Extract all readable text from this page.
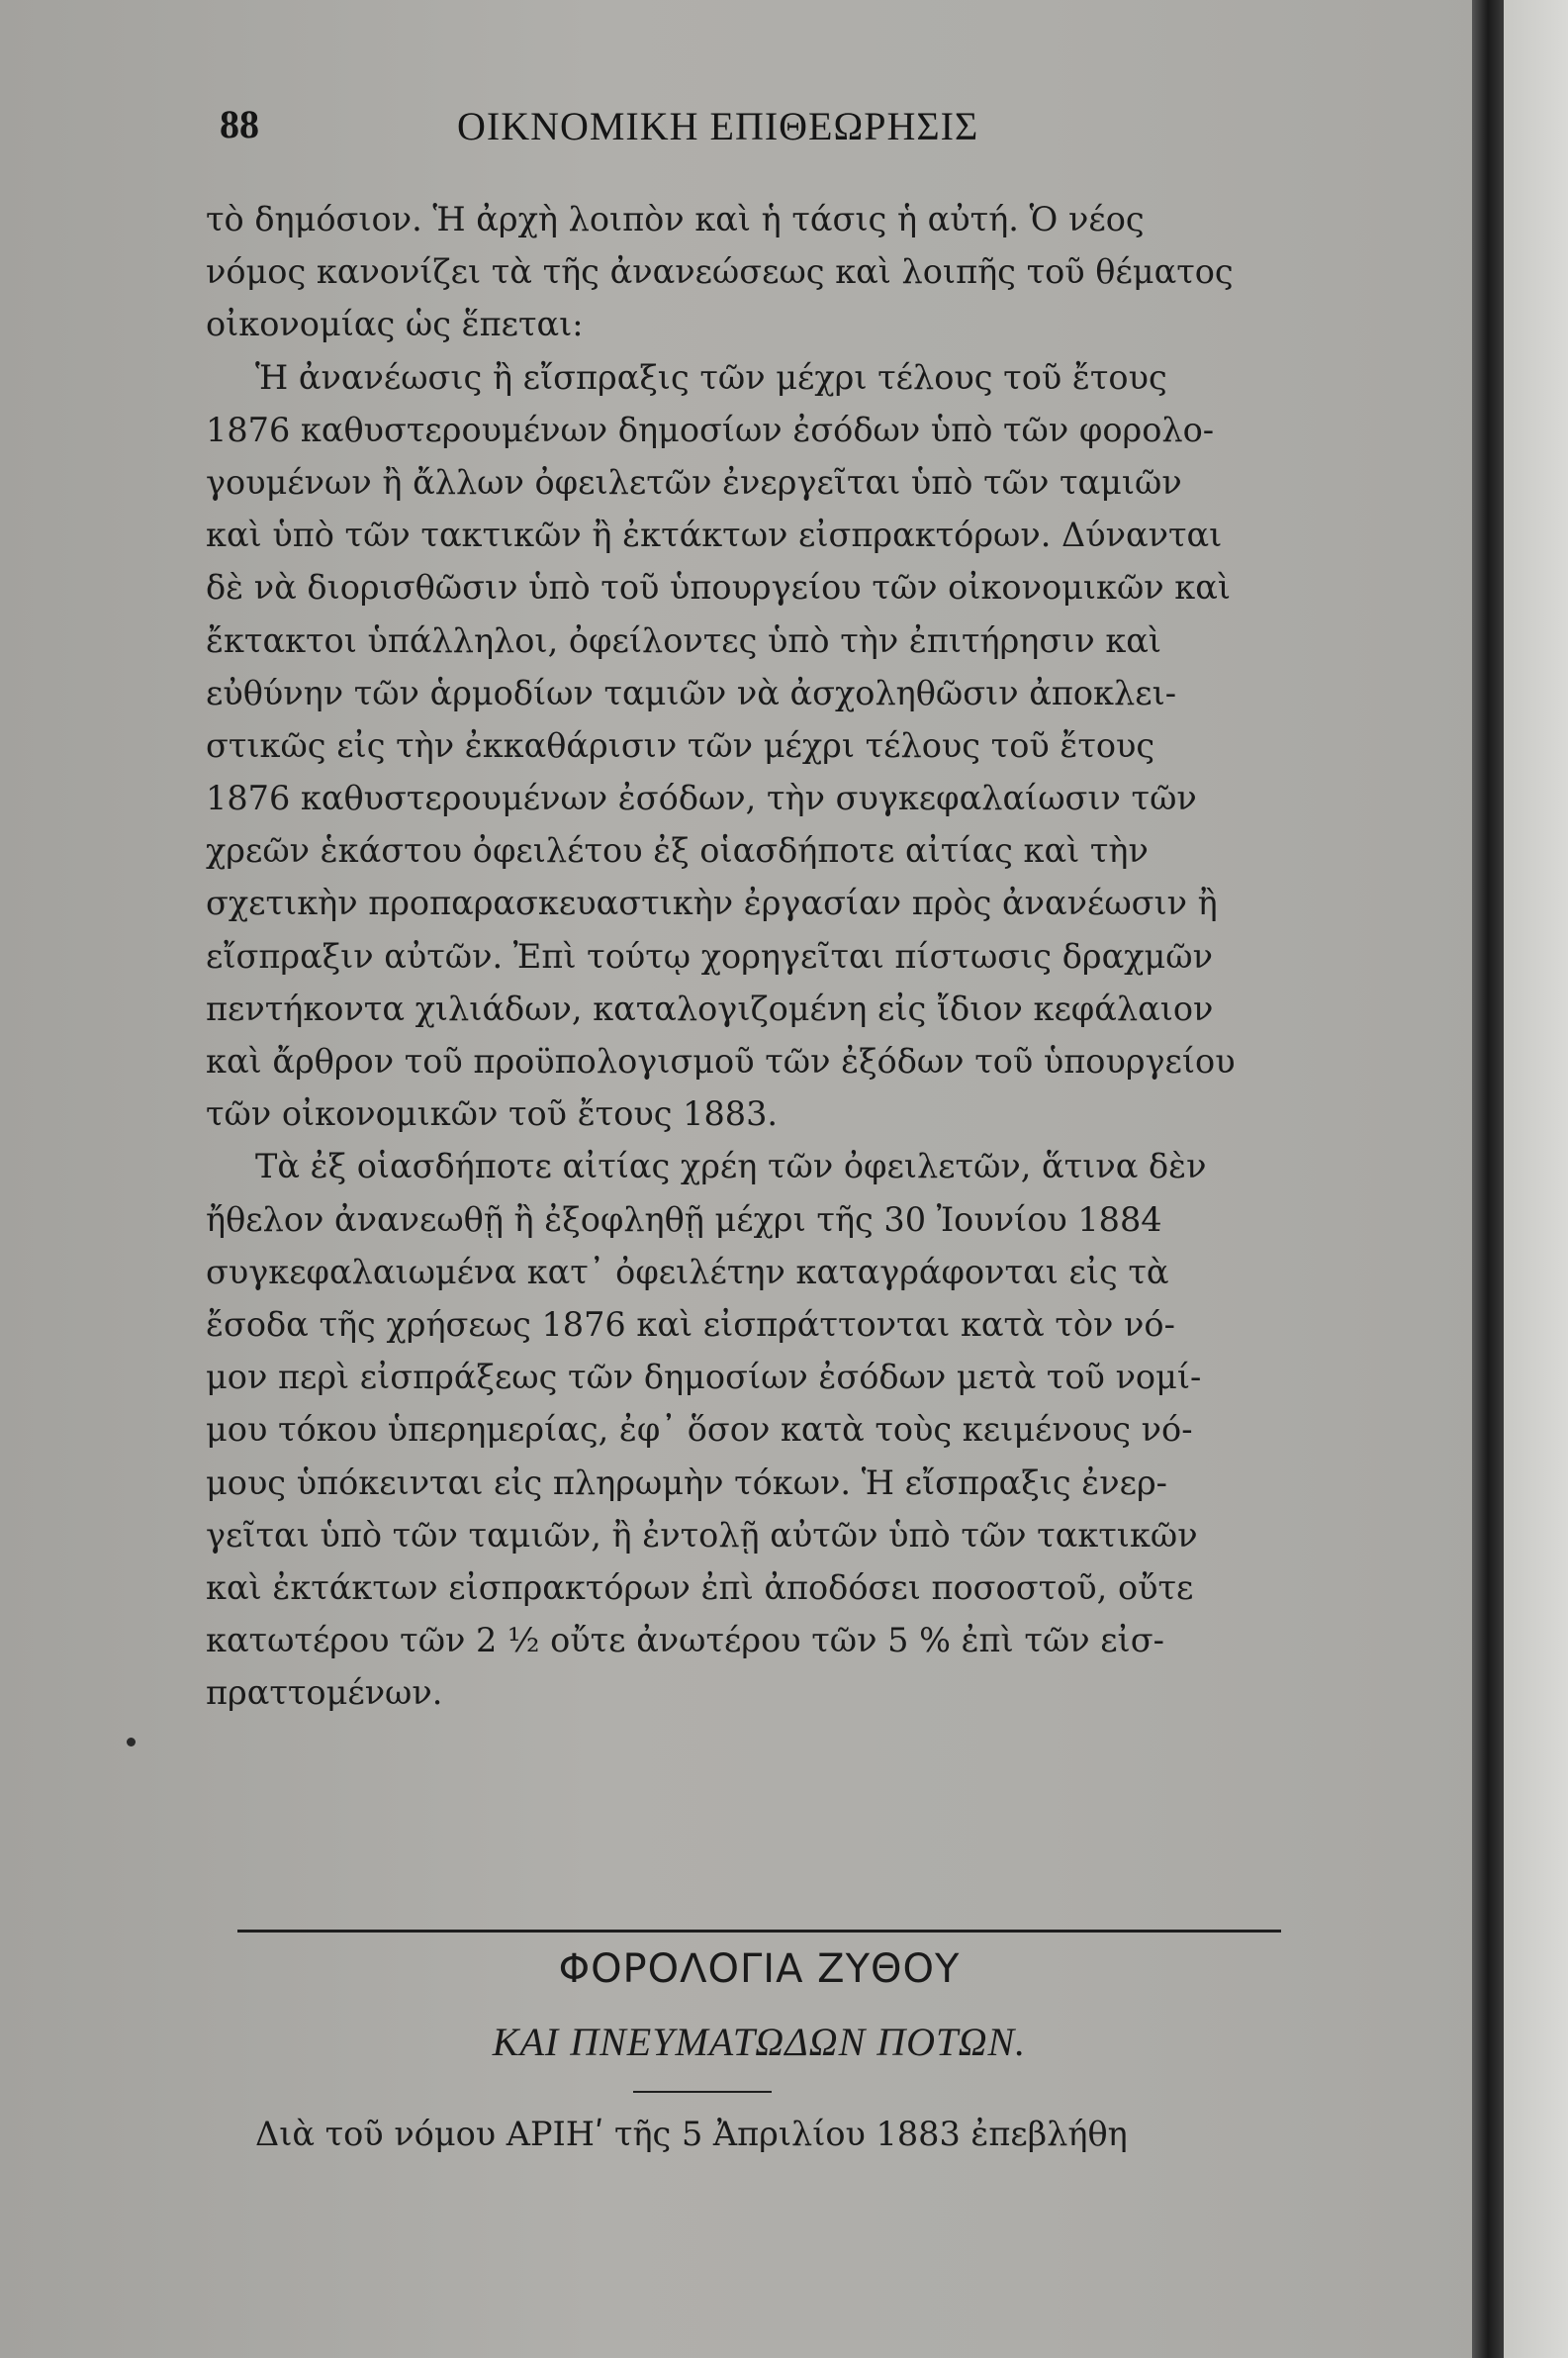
88	ΟΙΚΝΟΜΙΚΗ ΕΠΙΘΕΩΡΗΣΙΣ
τὸ δημόσιον. Ἡ ἀρχὴ λοιπὸν καὶ ἡ τάσις ἡ αὐτή. Ὁ νέος
νόμος κανονίζει τὰ τῆς ἀνανεώσεως καὶ λοιπῆς τοῦ θέματος
οἰκονομίας ὡς ἕπεται:
Ἡ ἀνανέωσις ἢ εἴσπραξις τῶν μέχρι τέλους τοῦ ἔτους
1876 καθυστερουμένων δημοσίων ἐσόδων ὑπὸ τῶν φορολο-
γουμένων ἢ ἄλλων ὀφειλετῶν ἐνεργεῖται ὑπὸ τῶν ταμιῶν
καὶ ὑπὸ τῶν τακτικῶν ἢ ἐκτάκτων εἰσπρακτόρων. Δύνανται
δὲ νὰ διορισθῶσιν ὑπὸ τοῦ ὑπουργείου τῶν οἰκονομικῶν καὶ
ἔκτακτοι ὑπάλληλοι, ὀφείλοντες ὑπὸ τὴν ἐπιτήρησιν καὶ
εὐθύνην τῶν ἁρμοδίων ταμιῶν νὰ ἀσχοληθῶσιν ἀποκλει-
στικῶς εἰς τὴν ἐκκαθάρισιν τῶν μέχρι τέλους τοῦ ἔτους
1876 καθυστερουμένων ἐσόδων, τὴν συγκεφαλαίωσιν τῶν
χρεῶν ἑκάστου ὀφειλέτου ἐξ οἱασδήποτε αἰτίας καὶ τὴν
σχετικὴν προπαρασκευαστικὴν ἐργασίαν πρὸς ἀνανέωσιν ἢ
εἴσπραξιν αὐτῶν. Ἐπὶ τούτῳ χορηγεῖται πίστωσις δραχμῶν
πεντήκοντα χιλιάδων, καταλογιζομένη εἰς ἴδιον κεφάλαιον
καὶ ἄρθρον τοῦ προϋπολογισμοῦ τῶν ἐξόδων τοῦ ὑπουργείου
τῶν οἰκονομικῶν τοῦ ἔτους 1883.
Τὰ ἐξ οἱασδήποτε αἰτίας χρέη τῶν ὀφειλετῶν, ἅτινα δὲν
ἤθελον ἀνανεωθῇ ἢ ἐξοφληθῇ μέχρι τῆς 30 Ἰουνίου 1884
συγκεφαλαιωμένα κατ᾽ ὀφειλέτην καταγράφονται εἰς τὰ
ἔσοδα τῆς χρήσεως 1876 καὶ εἰσπράττονται κατὰ τὸν νό-
μον περὶ εἰσπράξεως τῶν δημοσίων ἐσόδων μετὰ τοῦ νομί-
μου τόκου ὑπερημερίας, ἐφ᾽ ὅσον κατὰ τοὺς κειμένους νό-
μους ὑπόκεινται εἰς πληρωμὴν τόκων. Ἡ εἴσπραξις ἐνερ-
γεῖται ὑπὸ τῶν ταμιῶν, ἢ ἐντολῇ αὐτῶν ὑπὸ τῶν τακτικῶν
καὶ ἐκτάκτων εἰσπρακτόρων ἐπὶ ἀποδόσει ποσοστοῦ, οὔτε
κατωτέρου τῶν 2 ½ οὔτε ἀνωτέρου τῶν 5 % ἐπὶ τῶν εἰσ-
πραττομένων.
ΦΟΡΟΛΟΓΙΑ ΖΥΘΟΥ
ΚΑΙ ΠΝΕΥΜΑΤΩΔΩΝ ΠΟΤΩΝ.
Διὰ τοῦ νόμου ΑΡΙΗʹ τῆς 5 Ἀπριλίου 1883 ἐπεβλήθη
